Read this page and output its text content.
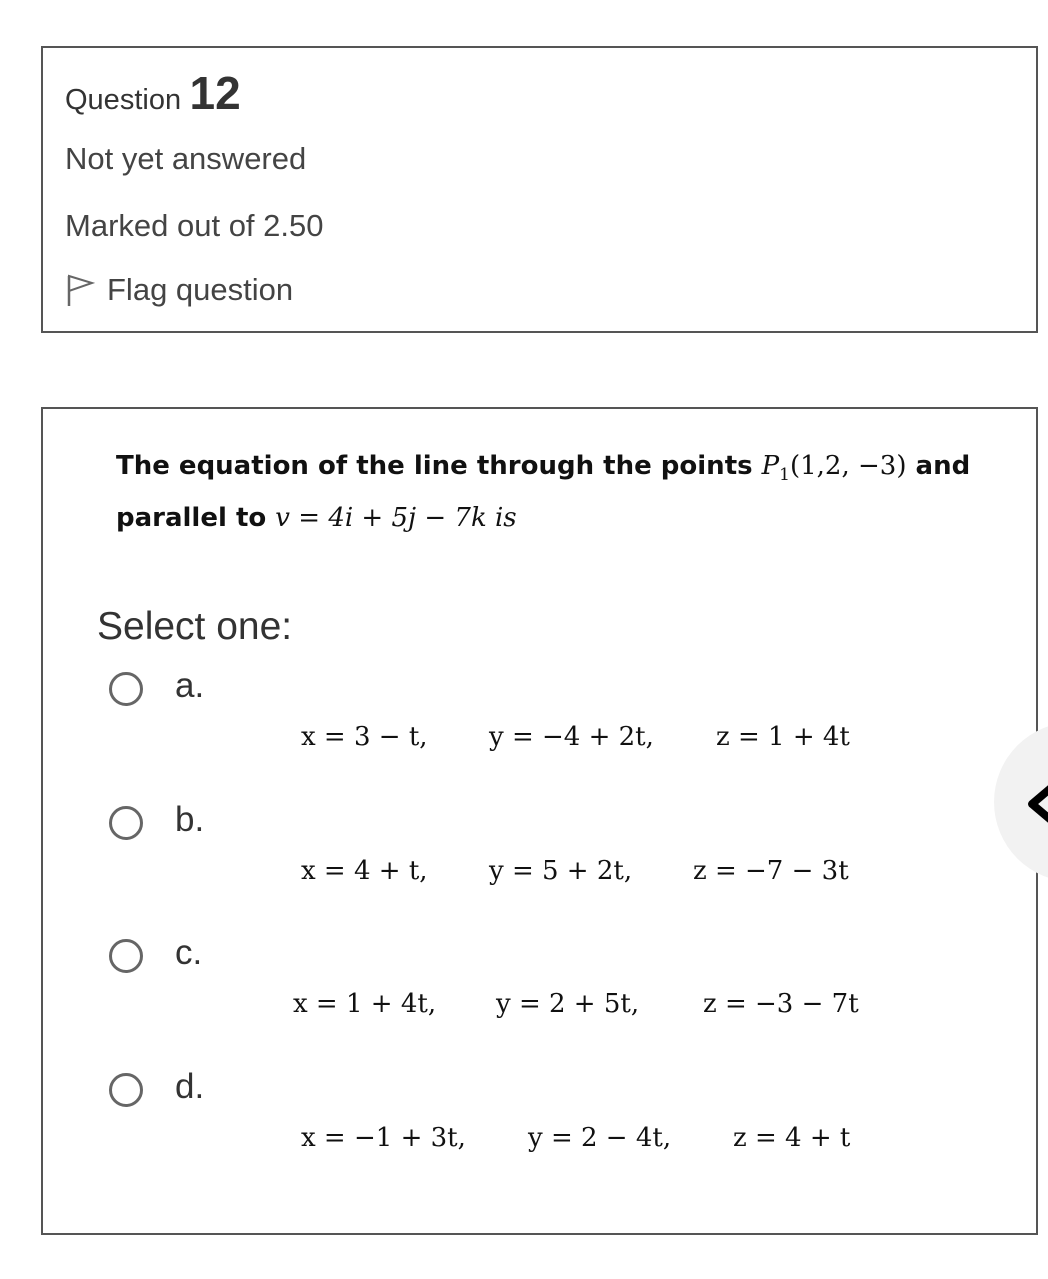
Question 12
Not yet answered
Marked out of 2.50
Flag question
The equation of the line through the points $P_1(1,2$, −3) and
parallel to v = 4i + 5j − 7k is
Select one:
a.
x = 3 − t, y = −4 + 2t, z = 1 + 4t
b.
x = 4 + t, y = 5 + 2t, z = −7 − 3t
c.
x = 1 + 4t, y = 2 + 5t, z = −3 − 7t
d.
x = −1 + 3t, y = 2 − 4t, z = 4 + t
